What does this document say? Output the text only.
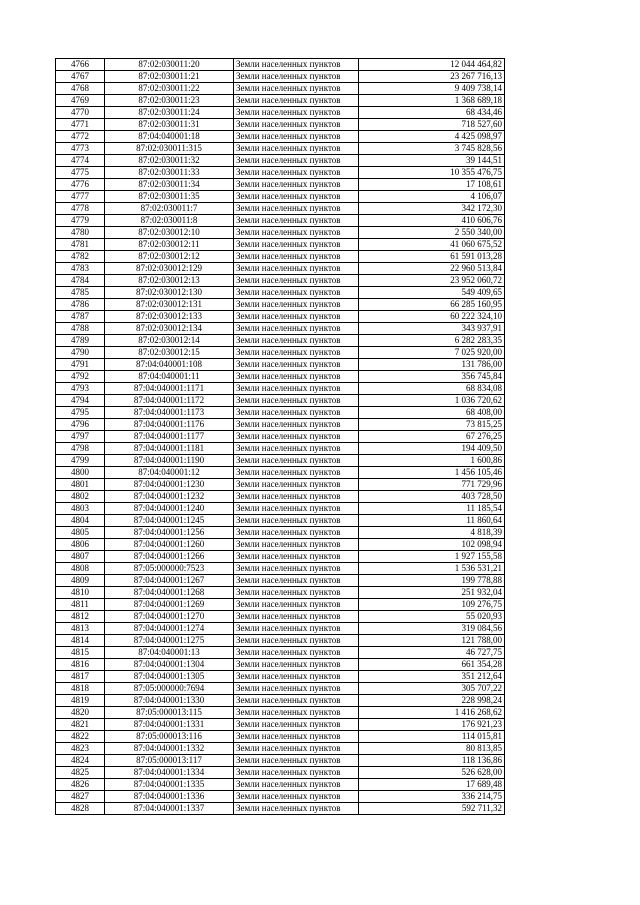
4766	87:02:030011:20	Земли населенных пунктов	12 044 464,82
4767	87:02:030011:21	Земли населенных пунктов	23 267 716,13
4768	87:02:030011:22	Земли населенных пунктов	9 409 738,14
4769	87:02:030011:23	Земли населенных пунктов	1 368 689,18
4770	87:02:030011:24	Земли населенных пунктов	68 434,46
4771	87:02:030011:31	Земли населенных пунктов	718 527,60
4772	87:04:040001:18	Земли населенных пунктов	4 425 098,97
4773	87:02:030011:315	Земли населенных пунктов	3 745 828,56
4774	87:02:030011:32	Земли населенных пунктов	39 144,51
4775	87:02:030011:33	Земли населенных пунктов	10 355 476,75
4776	87:02:030011:34	Земли населенных пунктов	17 108,61
4777	87:02:030011:35	Земли населенных пунктов	4 106,07
4778	87:02:030011:7	Земли населенных пунктов	342 172,30
4779	87:02:030011:8	Земли населенных пунктов	410 606,76
4780	87:02:030012:10	Земли населенных пунктов	2 550 340,00
4781	87:02:030012:11	Земли населенных пунктов	41 060 675,52
4782	87:02:030012:12	Земли населенных пунктов	61 591 013,28
4783	87:02:030012:129	Земли населенных пунктов	22 960 513,84
4784	87:02:030012:13	Земли населенных пунктов	23 952 060,72
4785	87:02:030012:130	Земли населенных пунктов	549 409,65
4786	87:02:030012:131	Земли населенных пунктов	66 285 160,95
4787	87:02:030012:133	Земли населенных пунктов	60 222 324,10
4788	87:02:030012:134	Земли населенных пунктов	343 937,91
4789	87:02:030012:14	Земли населенных пунктов	6 282 283,35
4790	87:02:030012:15	Земли населенных пунктов	7 025 920,00
4791	87:04:040001:108	Земли населенных пунктов	131 786,00
4792	87:04:040001:11	Земли населенных пунктов	356 745,84
4793	87:04:040001:1171	Земли населенных пунктов	68 834,08
4794	87:04:040001:1172	Земли населенных пунктов	1 036 720,62
4795	87:04:040001:1173	Земли населенных пунктов	68 408,00
4796	87:04:040001:1176	Земли населенных пунктов	73 815,25
4797	87:04:040001:1177	Земли населенных пунктов	67 276,25
4798	87:04:040001:1181	Земли населенных пунктов	194 409,50
4799	87:04:040001:1190	Земли населенных пунктов	1 600,86
4800	87:04:040001:12	Земли населенных пунктов	1 456 105,46
4801	87:04:040001:1230	Земли населенных пунктов	771 729,96
4802	87:04:040001:1232	Земли населенных пунктов	403 728,50
4803	87:04:040001:1240	Земли населенных пунктов	11 185,54
4804	87:04:040001:1245	Земли населенных пунктов	11 860,64
4805	87:04:040001:1256	Земли населенных пунктов	4 818,39
4806	87:04:040001:1260	Земли населенных пунктов	102 098,94
4807	87:04:040001:1266	Земли населенных пунктов	1 927 155,58
4808	87:05:000000:7523	Земли населенных пунктов	1 536 531,21
4809	87:04:040001:1267	Земли населенных пунктов	199 778,88
4810	87:04:040001:1268	Земли населенных пунктов	251 932,04
4811	87:04:040001:1269	Земли населенных пунктов	109 276,75
4812	87:04:040001:1270	Земли населенных пунктов	55 020,93
4813	87:04:040001:1274	Земли населенных пунктов	319 084,56
4814	87:04:040001:1275	Земли населенных пунктов	121 788,00
4815	87:04:040001:13	Земли населенных пунктов	46 727,75
4816	87:04:040001:1304	Земли населенных пунктов	661 354,28
4817	87:04:040001:1305	Земли населенных пунктов	351 212,64
4818	87:05:000000:7694	Земли населенных пунктов	305 707,22
4819	87:04:040001:1330	Земли населенных пунктов	228 998,24
4820	87:05:000013:115	Земли населенных пунктов	1 416 268,62
4821	87:04:040001:1331	Земли населенных пунктов	176 921,23
4822	87:05:000013:116	Земли населенных пунктов	114 015,81
4823	87:04:040001:1332	Земли населенных пунктов	80 813,85
4824	87:05:000013:117	Земли населенных пунктов	118 136,86
4825	87:04:040001:1334	Земли населенных пунктов	526 628,00
4826	87:04:040001:1335	Земли населенных пунктов	17 689,48
4827	87:04:040001:1336	Земли населенных пунктов	336 214,75
4828	87:04:040001:1337	Земли населенных пунктов	592 711,32
